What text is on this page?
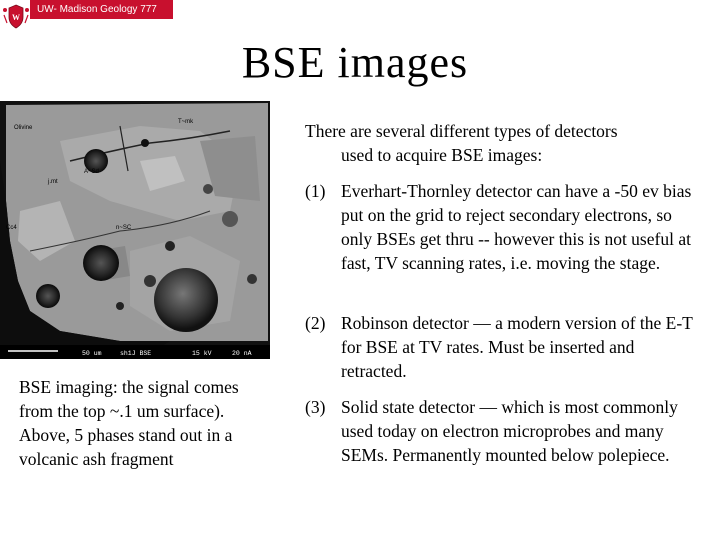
W
UW- Madison Geology 777
BSE images
Olivine
T~mk
j.mt
Cc4
A~Sd
n~SC
50 um	sh1J BSE	15 kV	20 nA
BSE imaging: the signal comes from the top ~.1 um surface). Above, 5 phases stand out in a volcanic ash fragment
There are several different types of detectors
used to acquire BSE images:
(1) Everhart-Thornley detector can have a -50 ev bias put on the grid to reject secondary electrons, so only BSEs get thru -- however this is not useful at fast, TV scanning rates, i.e. moving the stage.
(2) Robinson detector — a modern version of the E-T for BSE at TV rates. Must be inserted and retracted.
(3) Solid state detector — which is most commonly used today on electron microprobes and many SEMs. Permanently mounted below polepiece.
